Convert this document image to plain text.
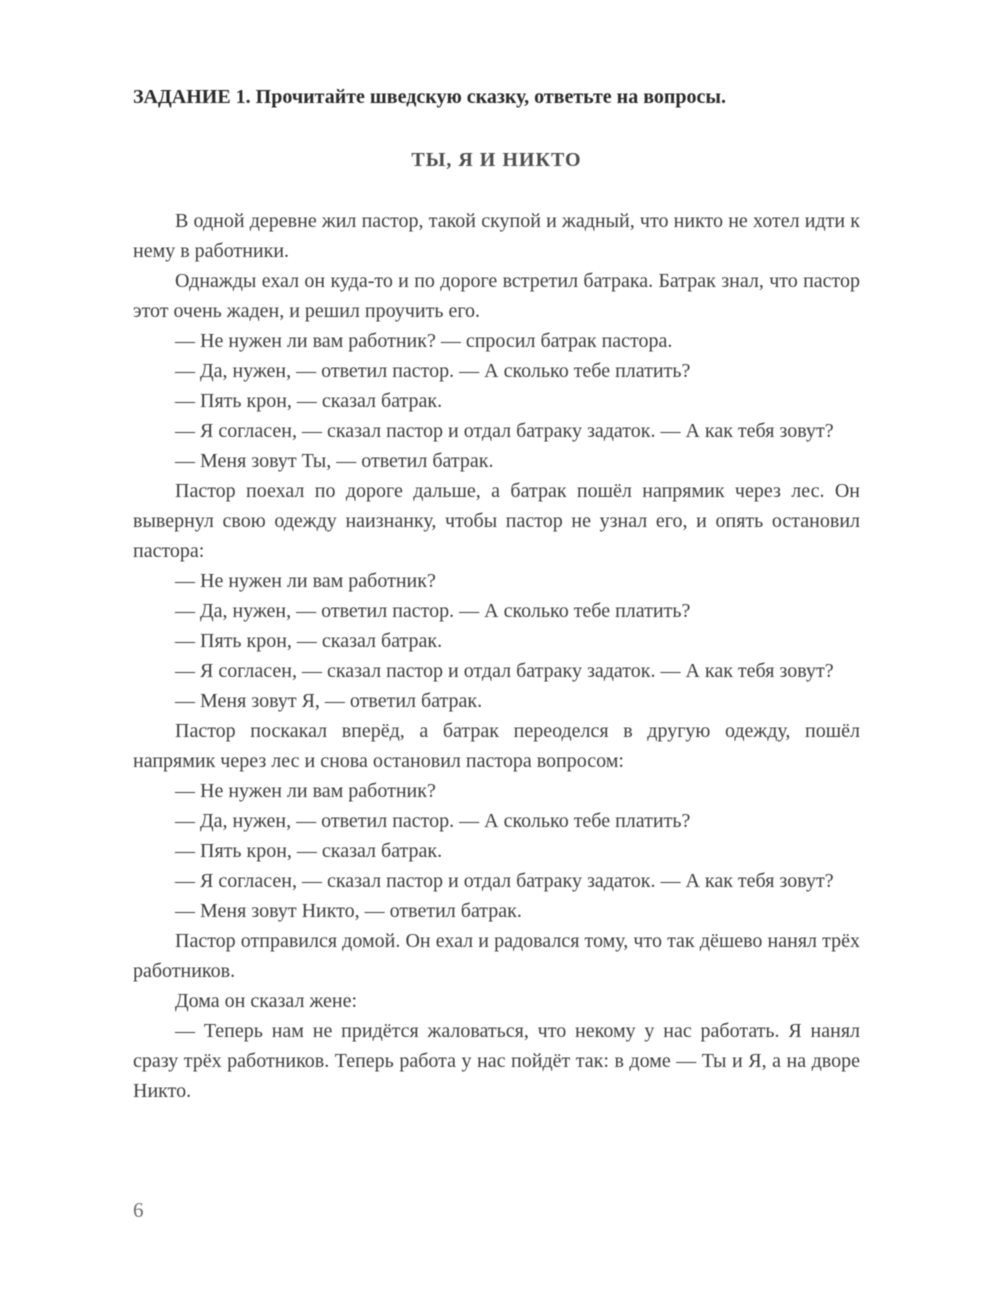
ЗАДАНИЕ 1. Прочитайте шведскую сказку, ответьте на вопросы.
ТЫ, Я И НИКТО

В одной деревне жил пастор, такой скупой и жадный, что никто не хотел идти к нему в работники.

Однажды ехал он куда-то и по дороге встретил батрака. Батрак знал, что пастор этот очень жаден, и решил проучить его.

— Не нужен ли вам работник? — спросил батрак пастора.

— Да, нужен, — ответил пастор. — А сколько тебе платить?

— Пять крон, — сказал батрак.

— Я согласен, — сказал пастор и отдал батраку задаток. — А как тебя зовут?

— Меня зовут Ты, — ответил батрак.

Пастор поехал по дороге дальше, а батрак пошёл напрямик через лес. Он вывернул свою одежду наизнанку, чтобы пастор не узнал его, и опять остановил пастора:

— Не нужен ли вам работник?

— Да, нужен, — ответил пастор. — А сколько тебе платить?

— Пять крон, — сказал батрак.

— Я согласен, — сказал пастор и отдал батраку задаток. — А как тебя зовут?

— Меня зовут Я, — ответил батрак.

Пастор поскакал вперёд, а батрак переоделся в другую одежду, пошёл напрямик через лес и снова остановил пастора вопросом:

— Не нужен ли вам работник?

— Да, нужен, — ответил пастор. — А сколько тебе платить?

— Пять крон, — сказал батрак.

— Я согласен, — сказал пастор и отдал батраку задаток. — А как тебя зовут?

— Меня зовут Никто, — ответил батрак.

Пастор отправился домой. Он ехал и радовался тому, что так дёшево нанял трёх работников.

Дома он сказал жене:

— Теперь нам не придётся жаловаться, что некому у нас работать. Я нанял сразу трёх работников. Теперь работа у нас пойдёт так: в доме — Ты и Я, а на дворе Никто.

6
